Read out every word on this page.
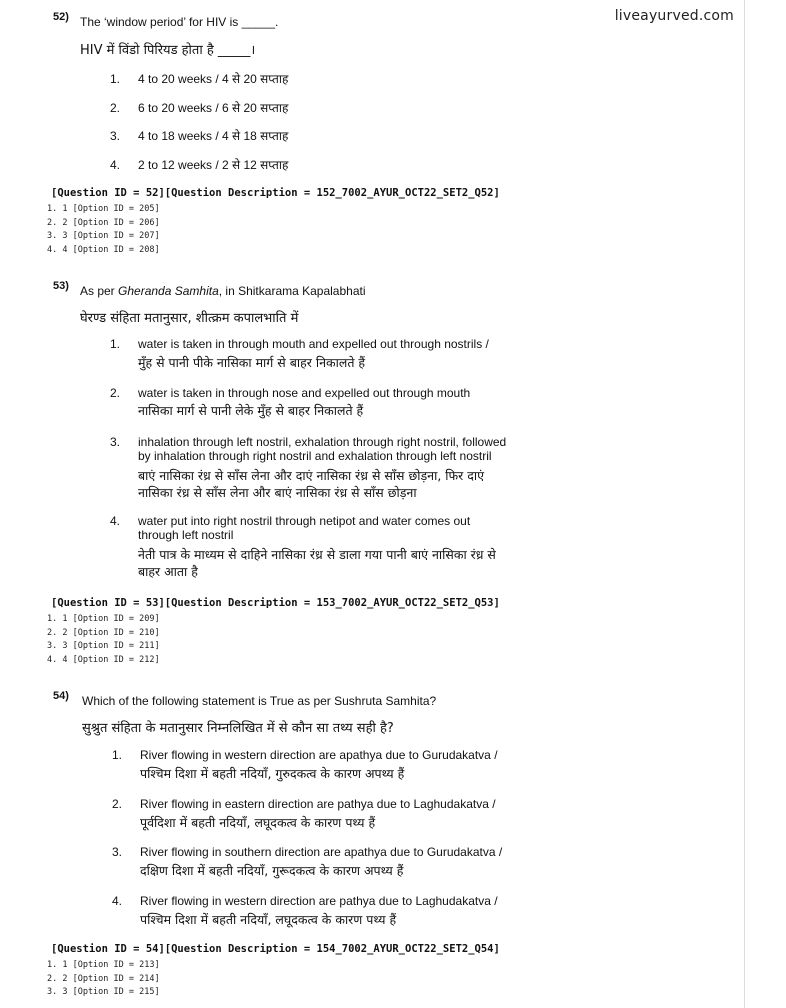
liveayurved.com
52) The ‘window period’ for HIV is _____.
HIV में विंडो पिरियड होता है _____।
1. 4 to 20 weeks / 4 से 20 सप्ताह
2. 6 to 20 weeks / 6 से 20 सप्ताह
3. 4 to 18 weeks / 4 से 18 सप्ताह
4. 2 to 12 weeks / 2 से 12 सप्ताह
[Question ID = 52][Question Description = 152_7002_AYUR_OCT22_SET2_Q52]
1. 1 [Option ID = 205]
2. 2 [Option ID = 206]
3. 3 [Option ID = 207]
4. 4 [Option ID = 208]
53) As per Gheranda Samhita, in Shitkarama Kapalabhati
घेरण्ड संहिता मतानुसार, शीत्क्रम कपालभाति में
1. water is taken in through mouth and expelled out through nostrils /
मुँह से पानी पीके नासिका मार्ग से बाहर निकालते हैं
2. water is taken in through nose and expelled out through mouth
नासिका मार्ग से पानी लेके मुँह से बाहर निकालते हैं
3. inhalation through left nostril, exhalation through right nostril, followed
by inhalation through right nostril and exhalation through left nostril
बाएं नासिका रंध्र से साँस लेना और दाएं नासिका रंध्र से साँस छोड़ना, फिर दाएं
नासिका रंध्र से साँस लेना और बाएं नासिका रंध्र से साँस छोड़ना
4. water put into right nostril through netipot and water comes out
through left nostril
नेती पात्र के माध्यम से दाहिने नासिका रंध्र से डाला गया पानी बाएं नासिका रंध्र से
बाहर आता है
[Question ID = 53][Question Description = 153_7002_AYUR_OCT22_SET2_Q53]
1. 1 [Option ID = 209]
2. 2 [Option ID = 210]
3. 3 [Option ID = 211]
4. 4 [Option ID = 212]
54) Which of the following statement is True as per Sushruta Samhita?
सुश्रुत संहिता के मतानुसार निम्नलिखित में से कौन सा तथ्य सही है?
1. River flowing in western direction are apathya due to Gurudakatva /
पश्चिम दिशा में बहती नदियाँ, गुरुदकत्व के कारण अपथ्य हैं
2. River flowing in eastern direction are pathya due to Laghudakatva /
पूर्वदिशा में बहती नदियाँ, लघूदकत्व के कारण पथ्य हैं
3. River flowing in southern direction are apathya due to Gurudakatva /
दक्षिण दिशा में बहती नदियाँ, गुरूदकत्व के कारण अपथ्य हैं
4. River flowing in western direction are pathya due to Laghudakatva /
पश्चिम दिशा में बहती नदियाँ, लघूदकत्व के कारण पथ्य हैं
[Question ID = 54][Question Description = 154_7002_AYUR_OCT22_SET2_Q54]
1. 1 [Option ID = 213]
2. 2 [Option ID = 214]
3. 3 [Option ID = 215]
